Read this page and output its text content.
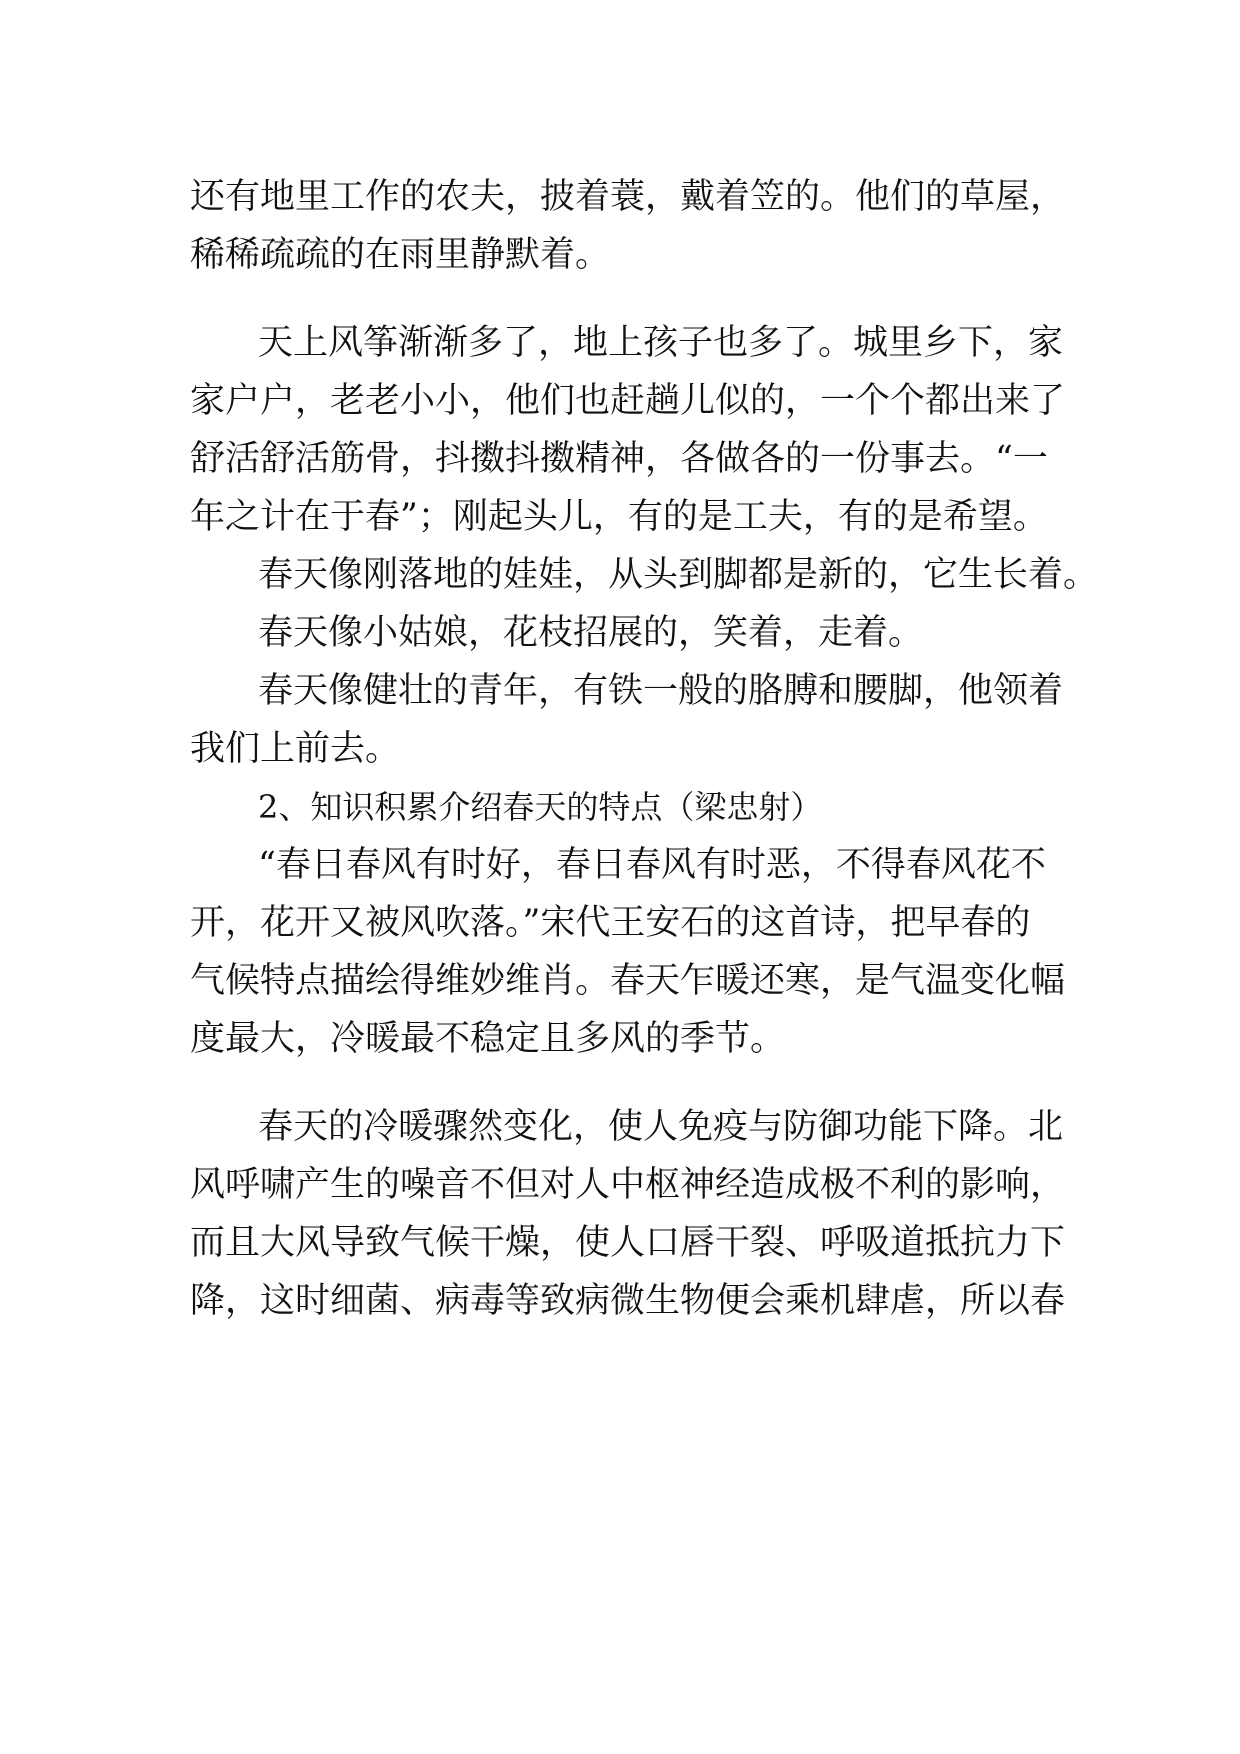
还有地里工作的农夫，披着蓑，戴着笠的。他们的草屋，
稀稀疏疏的在雨里静默着。
天上风筝渐渐多了，地上孩子也多了。城里乡下，家
家户户，老老小小，他们也赶趟儿似的，一个个都出来了
舒活舒活筋骨，抖擞抖擞精神，各做各的一份事去。“一
年之计在于春”；刚起头儿，有的是工夫，有的是希望。
春天像刚落地的娃娃，从头到脚都是新的，它生长着。
春天像小姑娘，花枝招展的，笑着，走着。
春天像健壮的青年，有铁一般的胳膊和腰脚，他领着
我们上前去。
2、知识积累介绍春天的特点（梁忠射）
“春日春风有时好，春日春风有时恶，不得春风花不
开，花开又被风吹落。”宋代王安石的这首诗，把早春的
气候特点描绘得维妙维肖。春天乍暖还寒，是气温变化幅
度最大，冷暖最不稳定且多风的季节。
春天的冷暖骤然变化，使人免疫与防御功能下降。北
风呼啸产生的噪音不但对人中枢神经造成极不利的影响，
而且大风导致气候干燥，使人口唇干裂、呼吸道抵抗力下
降，这时细菌、病毒等致病微生物便会乘机肆虐，所以春
